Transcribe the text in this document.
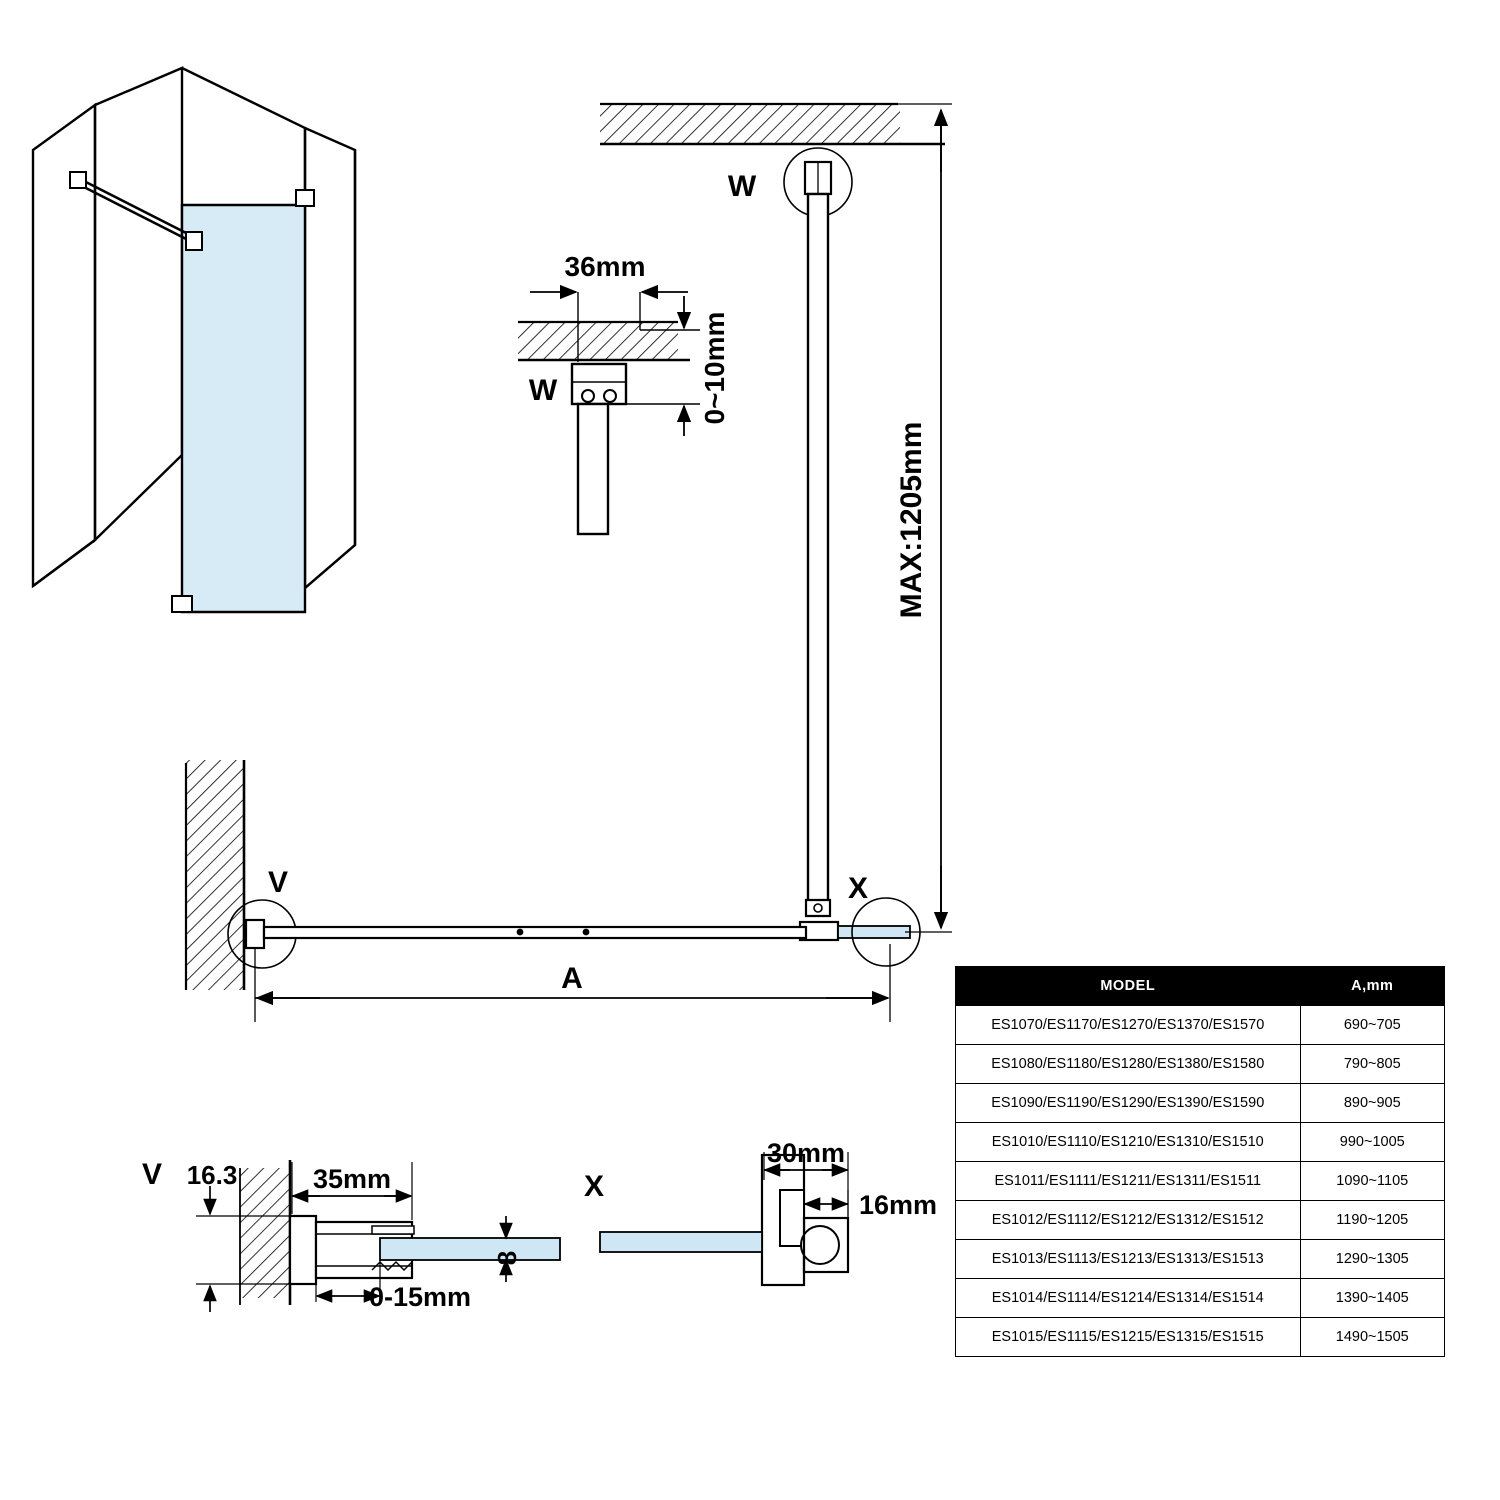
36mm
0~10mm
W
W
X
MAX:1205mm
V
A
16.3
V	35mm
8
0-15mm
X
30mm
16mm
MODEL	A,mm
ES1070/ES1170/ES1270/ES1370/ES1570	690~705
ES1080/ES1180/ES1280/ES1380/ES1580	790~805
ES1090/ES1190/ES1290/ES1390/ES1590	890~905
ES1010/ES1110/ES1210/ES1310/ES1510	990~1005
ES1011/ES1111/ES1211/ES1311/ES1511	1090~1105
ES1012/ES1112/ES1212/ES1312/ES1512	1190~1205
ES1013/ES1113/ES1213/ES1313/ES1513	1290~1305
ES1014/ES1114/ES1214/ES1314/ES1514	1390~1405
ES1015/ES1115/ES1215/ES1315/ES1515	1490~1505
